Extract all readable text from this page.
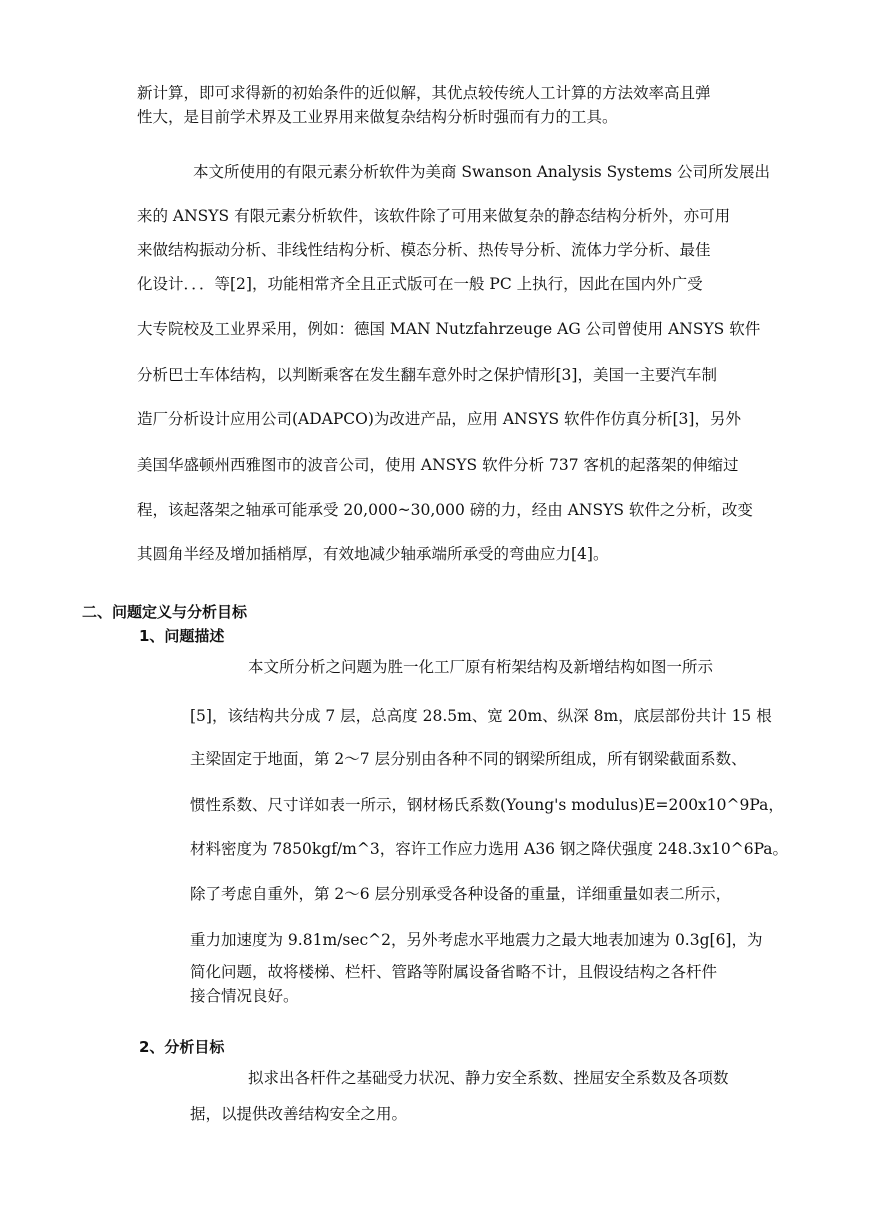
新计算，即可求得新的初始条件的近似解，其优点较传统人工计算的方法效率高且弹
性大，是目前学术界及工业界用来做复杂结构分析时强而有力的工具。
本文所使用的有限元素分析软件为美商 Swanson Analysis Systems 公司所发展出
来的 ANSYS 有限元素分析软件，该软件除了可用来做复杂的静态结构分析外，亦可用
来做结构振动分析、非线性结构分析、模态分析、热传导分析、流体力学分析、最佳
化设计．．．等[2]，功能相常齐全且正式版可在一般 PC 上执行，因此在国内外广受
大专院校及工业界采用，例如：德国 MAN Nutzfahrzeuge AG 公司曾使用 ANSYS 软件
分析巴士车体结构，以判断乘客在发生翻车意外时之保护情形[3]，美国一主要汽车制
造厂分析设计应用公司(ADAPCO)为改进产品，应用 ANSYS 软件作仿真分析[3]，另外
美国华盛顿州西雅图市的波音公司，使用 ANSYS 软件分析 737 客机的起落架的伸缩过
程，该起落架之轴承可能承受 20,000~30,000 磅的力，经由 ANSYS 软件之分析，改变
其圆角半经及增加插梢厚，有效地减少轴承端所承受的弯曲应力[4]。
二、问题定义与分析目标
1、问题描述
本文所分析之问题为胜一化工厂原有桁架结构及新增结构如图一所示
[5]，该结构共分成 7 层，总高度 28.5m、宽 20m、纵深 8m，底层部份共计 15 根
主梁固定于地面，第 2～7 层分别由各种不同的钢梁所组成，所有钢梁截面系数、
惯性系数、尺寸详如表一所示，钢材杨氏系数(Young's modulus)E=200x10^9Pa，
材料密度为 7850kgf/m^3，容许工作应力选用 A36 钢之降伏强度 248.3x10^6Pa。
除了考虑自重外，第 2～6 层分别承受各种设备的重量，详细重量如表二所示，
重力加速度为 9.81m/sec^2，另外考虑水平地震力之最大地表加速为 0.3g[6]，为
简化问题，故将楼梯、栏杆、管路等附属设备省略不计，且假设结构之各杆件
接合情况良好。
2、分析目标
拟求出各杆件之基础受力状况、静力安全系数、挫屈安全系数及各项数
据，以提供改善结构安全之用。
